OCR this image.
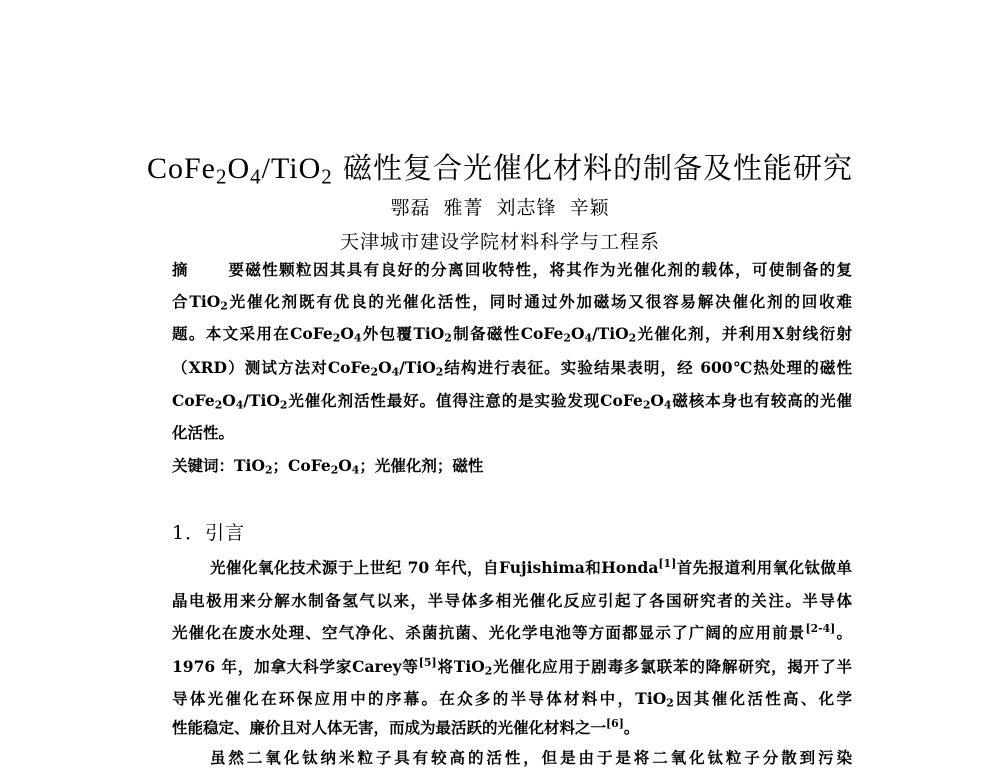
$CoFe_2O_4/TiO_2$ 磁性复合光催化材料的制备及性能研究
鄂磊 雅菁 刘志锋 辛颖
天津城市建设学院材料科学与工程系
摘要磁性颗粒因其具有良好的分离回收特性，将其作为光催化剂的载体，可使制备的复
合TiO$_2$光催化剂既有优良的光催化活性，同时通过外加磁场又很容易解决催化剂的回收难
题。本文采用在$CoFe_2O_4$外包覆TiO$_2$制备磁性$CoFe_2O_4/TiO_2$光催化剂，并利用X射线衍射
（XRD）测试方法对$CoFe_2O_4/TiO_2$结构进行表征。实验结果表明，经 600℃热处理的磁性
$CoFe_2O_4/TiO_2$光催化剂活性最好。值得注意的是实验发现$CoFe_2O_4$磁核本身也有较高的光催
化活性。
关键词：TiO$_2$；$CoFe_2O_4$；光催化剂；磁性
1．引言
光催化氧化技术源于上世纪 70 年代，自Fujishima和Honda[1]首先报道利用氧化钛做单
晶电极用来分解水制备氢气以来，半导体多相光催化反应引起了各国研究者的关注。半导体
光催化在废水处理、空气净化、杀菌抗菌、光化学电池等方面都显示了广阔的应用前景[2-4]。
1976 年，加拿大科学家Carey等[5]将TiO$_2$光催化应用于剧毒多氯联苯的降解研究，揭开了半
导体光催化在环保应用中的序幕。在众多的半导体材料中，TiO$_2$因其催化活性高、化学
性能稳定、廉价且对人体无害，而成为最活跃的光催化材料之一[6]。
虽然二氧化钛纳米粒子具有较高的活性，但是由于是将二氧化钛粒子分散到污染
